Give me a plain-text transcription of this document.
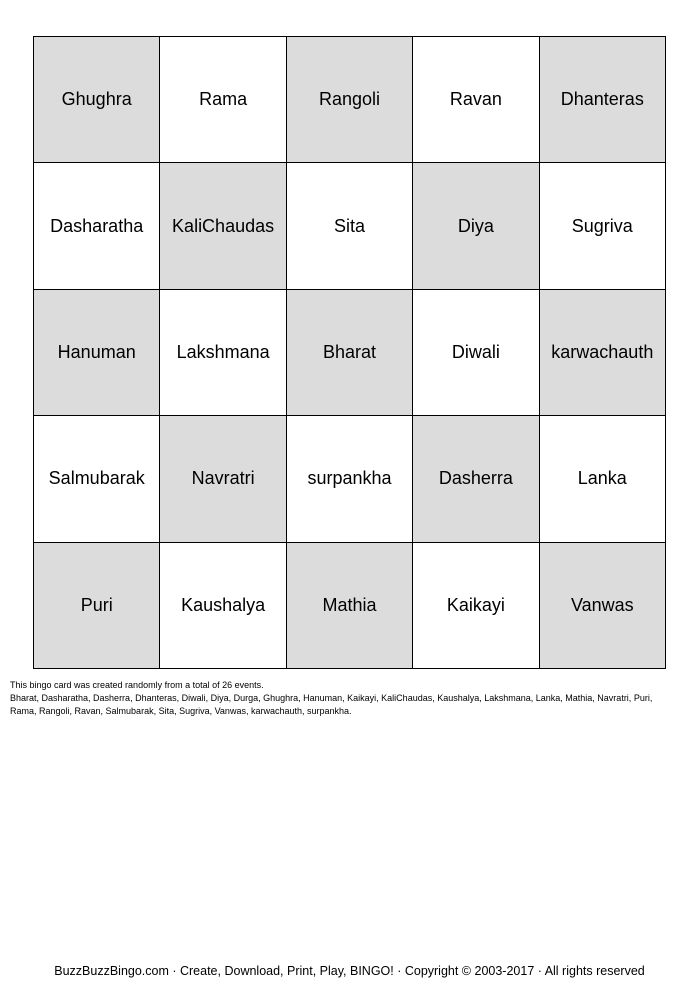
Ghughra	Rama	Rangoli	Ravan	Dhanteras
Dasharatha	KaliChaudas	Sita	Diya	Sugriva
Hanuman	Lakshmana	Bharat	Diwali	karwachauth
Salmubarak	Navratri	surpankha	Dasherra	Lanka
Puri	Kaushalya	Mathia	Kaikayi	Vanwas
This bingo card was created randomly from a total of 26 events.
Bharat, Dasharatha, Dasherra, Dhanteras, Diwali, Diya, Durga, Ghughra, Hanuman, Kaikayi, KaliChaudas, Kaushalya, Lakshmana, Lanka, Mathia, Navratri, Puri, Rama, Rangoli, Ravan, Salmubarak, Sita, Sugriva, Vanwas, karwachauth, surpankha.
BuzzBuzzBingo.com · Create, Download, Print, Play, BINGO! · Copyright © 2003-2017 · All rights reserved
